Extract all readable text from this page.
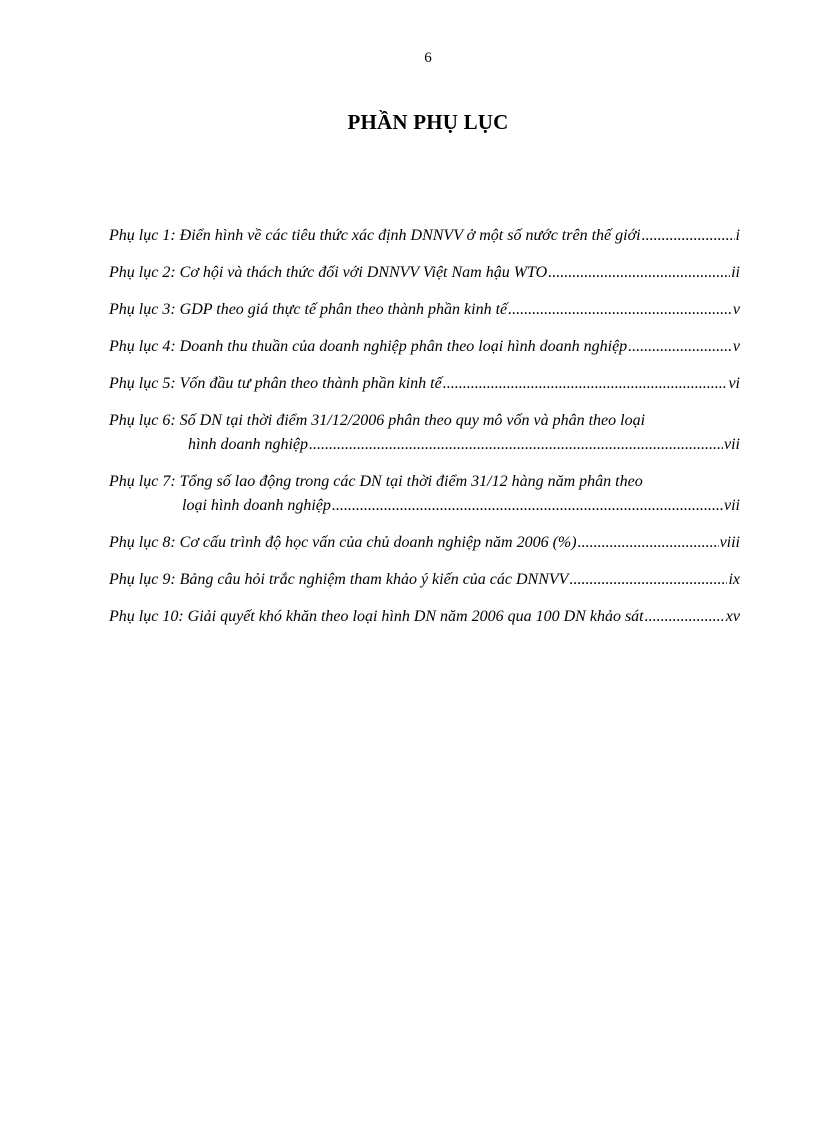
6
PHẦN PHỤ LỤC
Phụ lục 1: Điển hình về các tiêu thức xác định DNNVV ở một số nước trên thế giới .....	i
Phụ lục 2: Cơ hội và thách thức đối với DNNVV Việt Nam hậu WTO .....	ii
Phụ lục 3: GDP theo giá thực tế phân theo thành phần kinh tế .....	v
Phụ lục 4: Doanh thu thuần của doanh nghiệp phân theo loại hình doanh nghiệp .....	v
Phụ lục 5: Vốn đầu tư phân theo thành phần kinh tế .....	vi
Phụ lục 6: Số DN tại thời điểm 31/12/2006 phân theo quy mô vốn và phân theo loại
hình doanh nghiệp .....	vii
Phụ lục 7: Tổng số lao động trong các DN tại thời điểm 31/12 hàng năm phân theo
loại hình doanh nghiệp .....	vii
Phụ lục 8: Cơ cấu trình độ học vấn của chủ doanh nghiệp năm 2006 (%) .....	viii
Phụ lục 9: Bảng câu hỏi trắc nghiệm tham khảo ý kiến của các DNNVV .....	ix
Phụ lục 10: Giải quyết khó khăn theo loại hình DN năm 2006 qua 100 DN khảo sát .....	xv
